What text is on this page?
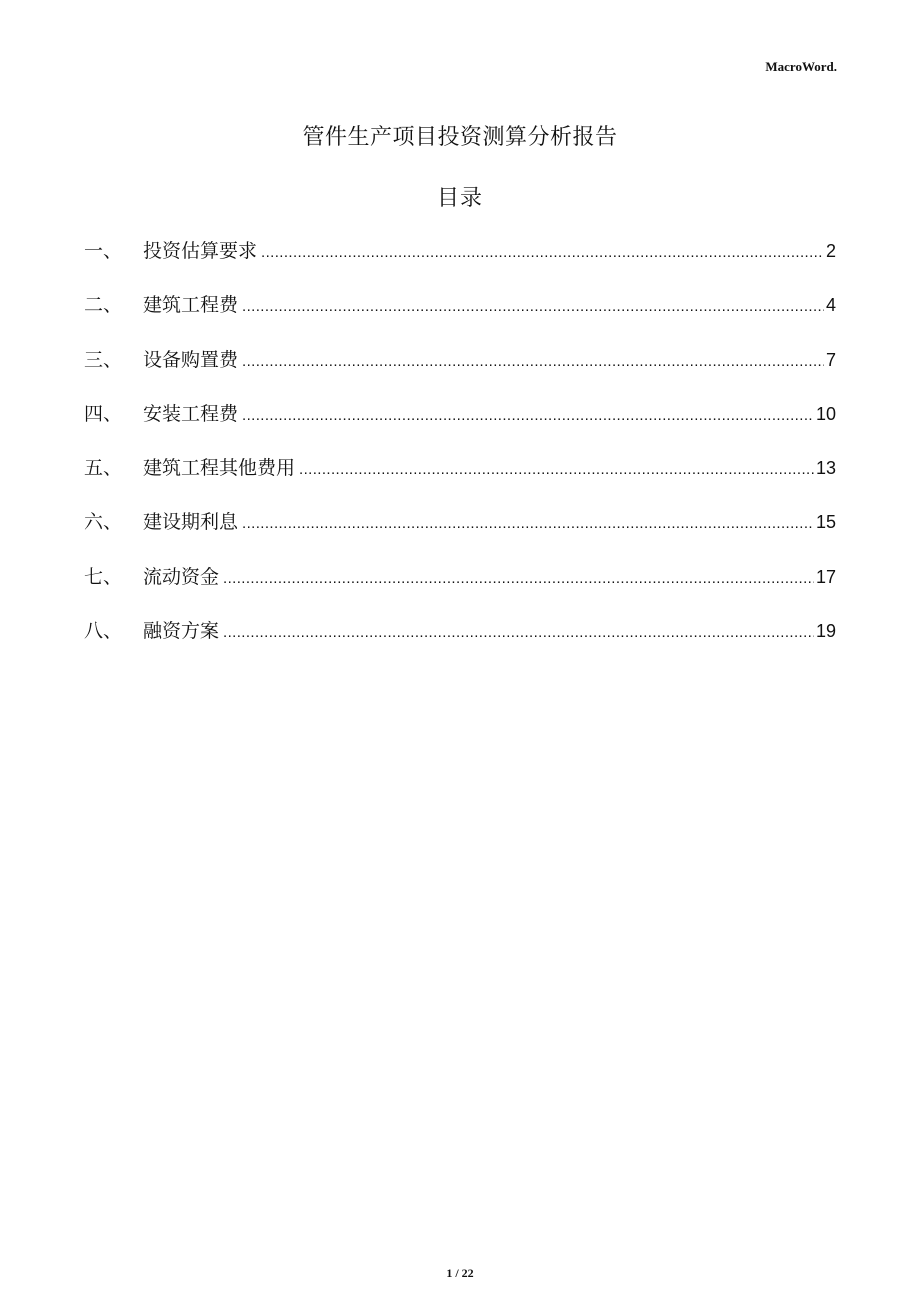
MacroWord.
管件生产项目投资测算分析报告
目录
一、	投资估算要求 .....	2
二、	建筑工程费 .....	4
三、	设备购置费 .....	7
四、	安装工程费 .....	10
五、	建筑工程其他费用 .....	13
六、	建设期利息 .....	15
七、	流动资金 .....	17
八、	融资方案 .....	19
1 / 22
